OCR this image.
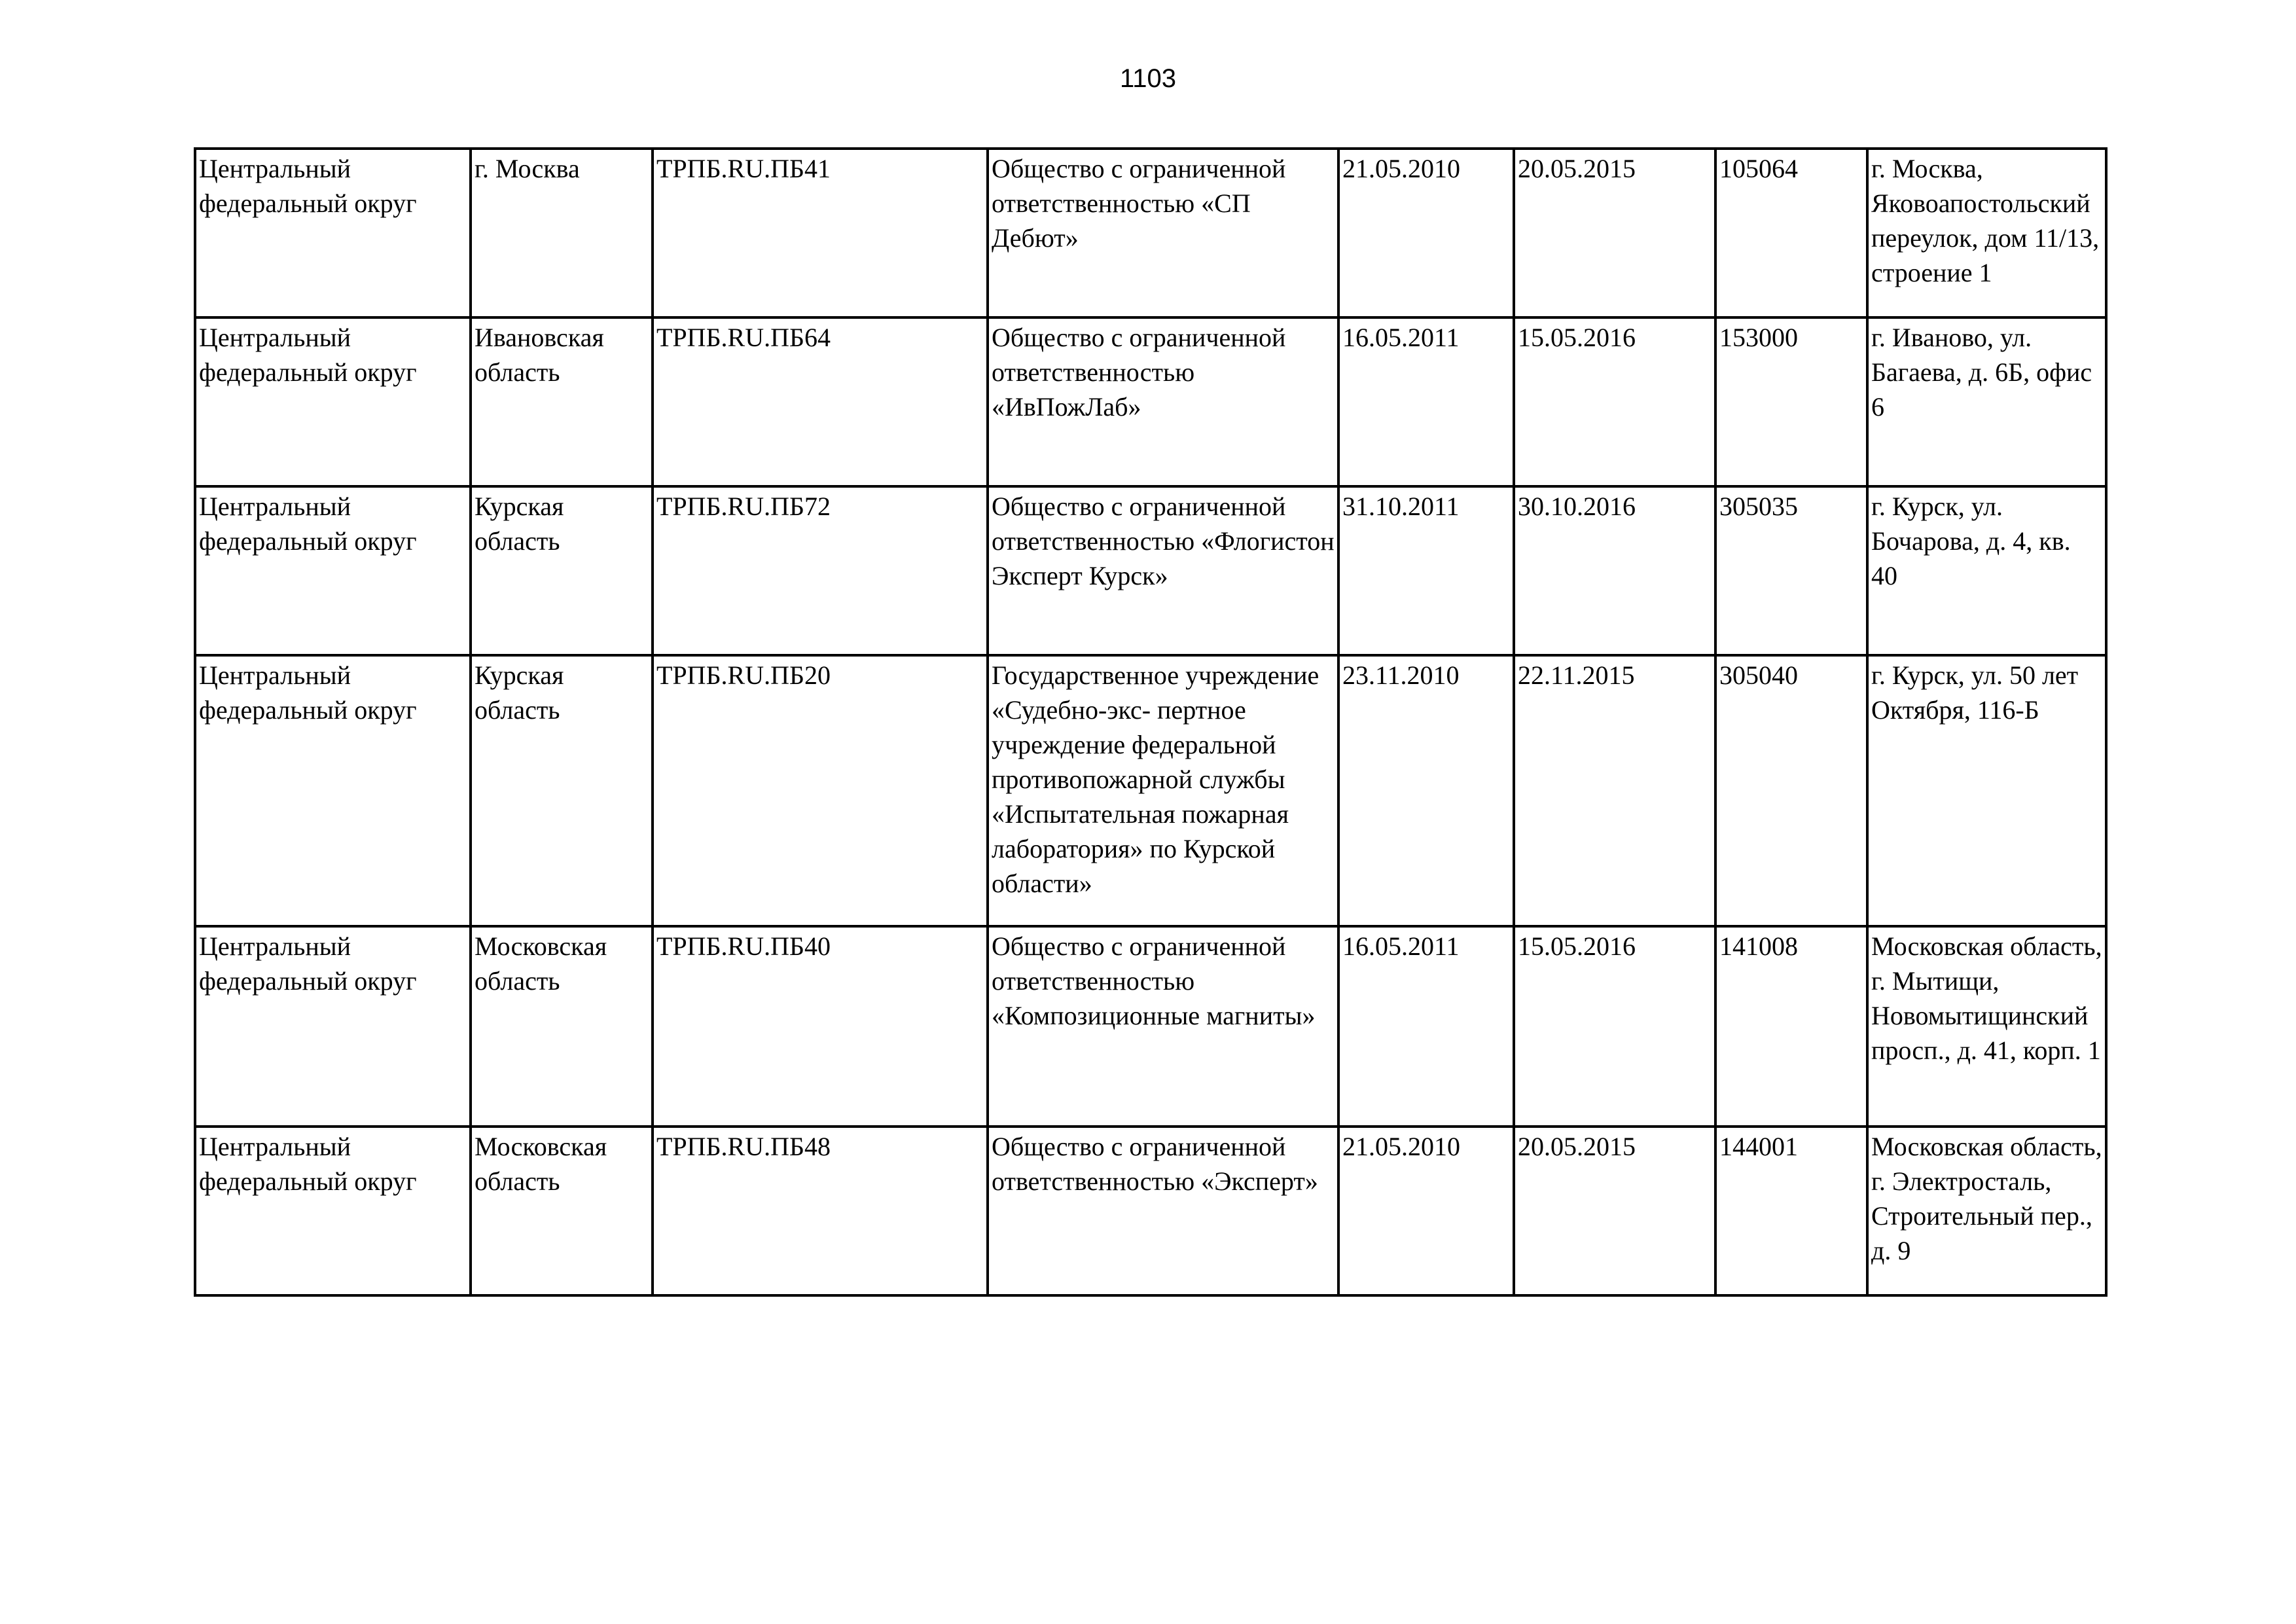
1103
Центральный федеральный округ	г. Москва	ТРПБ.RU.ПБ41	Общество с ограниченной ответственностью «СП Дебют»	21.05.2010	20.05.2015	105064	г. Москва, Яковоапостольский переулок, дом 11/13, строение 1
Центральный федеральный округ	Ивановская область	ТРПБ.RU.ПБ64	Общество с ограниченной ответственностью «ИвПожЛаб»	16.05.2011	15.05.2016	153000	г. Иваново, ул. Багаева, д. 6Б, офис 6
Центральный федеральный округ	Курская область	ТРПБ.RU.ПБ72	Общество с ограниченной ответственностью «Флогистон Эксперт Курск»	31.10.2011	30.10.2016	305035	г. Курск, ул. Бочарова, д. 4, кв. 40
Центральный федеральный округ	Курская область	ТРПБ.RU.ПБ20	Государственное учреждение «Судебно-экс- пертное учреждение федеральной противопожарной службы «Испытательная пожарная лаборатория» по Курской области»	23.11.2010	22.11.2015	305040	г. Курск, ул. 50 лет Октября, 116-Б
Центральный федеральный округ	Московская область	ТРПБ.RU.ПБ40	Общество с ограниченной ответственностью «Композиционные магниты»	16.05.2011	15.05.2016	141008	Московская область, г. Мытищи, Новомытищинский просп., д. 41, корп. 1
Центральный федеральный округ	Московская область	ТРПБ.RU.ПБ48	Общество с ограниченной ответственностью «Эксперт»	21.05.2010	20.05.2015	144001	Московская область, г. Электросталь, Строительный пер., д. 9
